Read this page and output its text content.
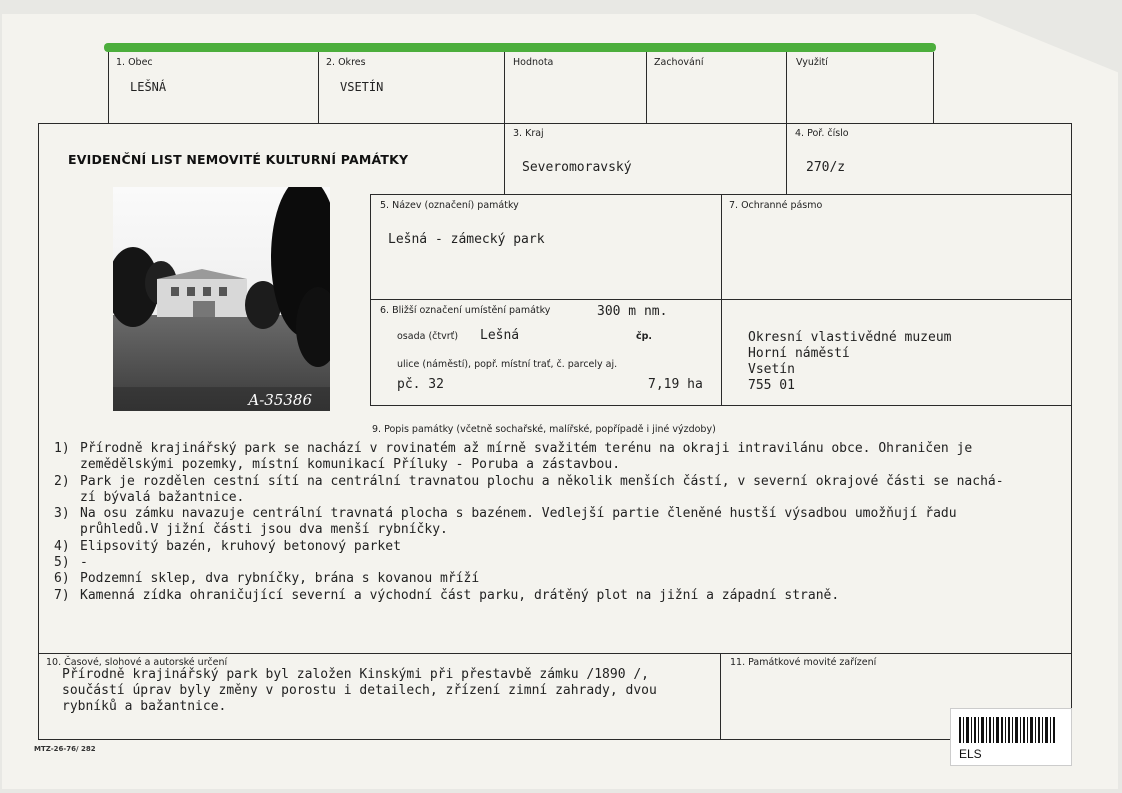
1. Obec
LEŠNÁ
2. Okres
VSETÍN
Hodnota	Zachování	Využití
EVIDENČNÍ LIST NEMOVITÉ KULTURNÍ PAMÁTKY
3. Kraj
Severomoravský
4. Poř. číslo
270/z
A-35386
5. Název (označení) památky
Lešná - zámecký park
7. Ochranné pásmo
6. Bližší označení umístění památky	300 m nm.
osada (čtvrť) Lešná	čp.
ulice (náměstí), popř. místní trať, č. parcely aj.
pč. 32	7,19 ha
Okresní vlastivědné muzeum
Horní náměstí
Vsetín
755 01
9. Popis památky (včetně sochařské, malířské, popřípadě i jiné výzdoby)
1) Přírodně krajinářský park se nachází v rovinatém až mírně svažitém terénu na okraji intravilánu obce. Ohraničen je
zemědělskými pozemky, místní komunikací Příluky - Poruba a zástavbou.
2) Park je rozdělen cestní sítí na centrální travnatou plochu a několik menších částí, v severní okrajové části se nachá-
zí bývalá bažantnice.
3) Na osu zámku navazuje centrální travnatá plocha s bazénem. Vedlejší partie členěné hustší výsadbou umožňují řadu
průhledů.V jižní části jsou dva menší rybníčky.
4) Elipsovitý bazén, kruhový betonový parket
5) -
6) Podzemní sklep, dva rybníčky, brána s kovanou mříží
7) Kamenná zídka ohraničující severní a východní část parku, drátěný plot na jižní a západní straně.
10. Časové, slohové a autorské určení
Přírodně krajinářský park byl založen Kinskými při přestavbě zámku /1890 /,
součástí úprav byly změny v porostu i detailech, zřízení zimní zahrady, dvou
rybníků a bažantnice.
11. Památkové movité zařízení
ELS
MTZ-26-76/ 282
